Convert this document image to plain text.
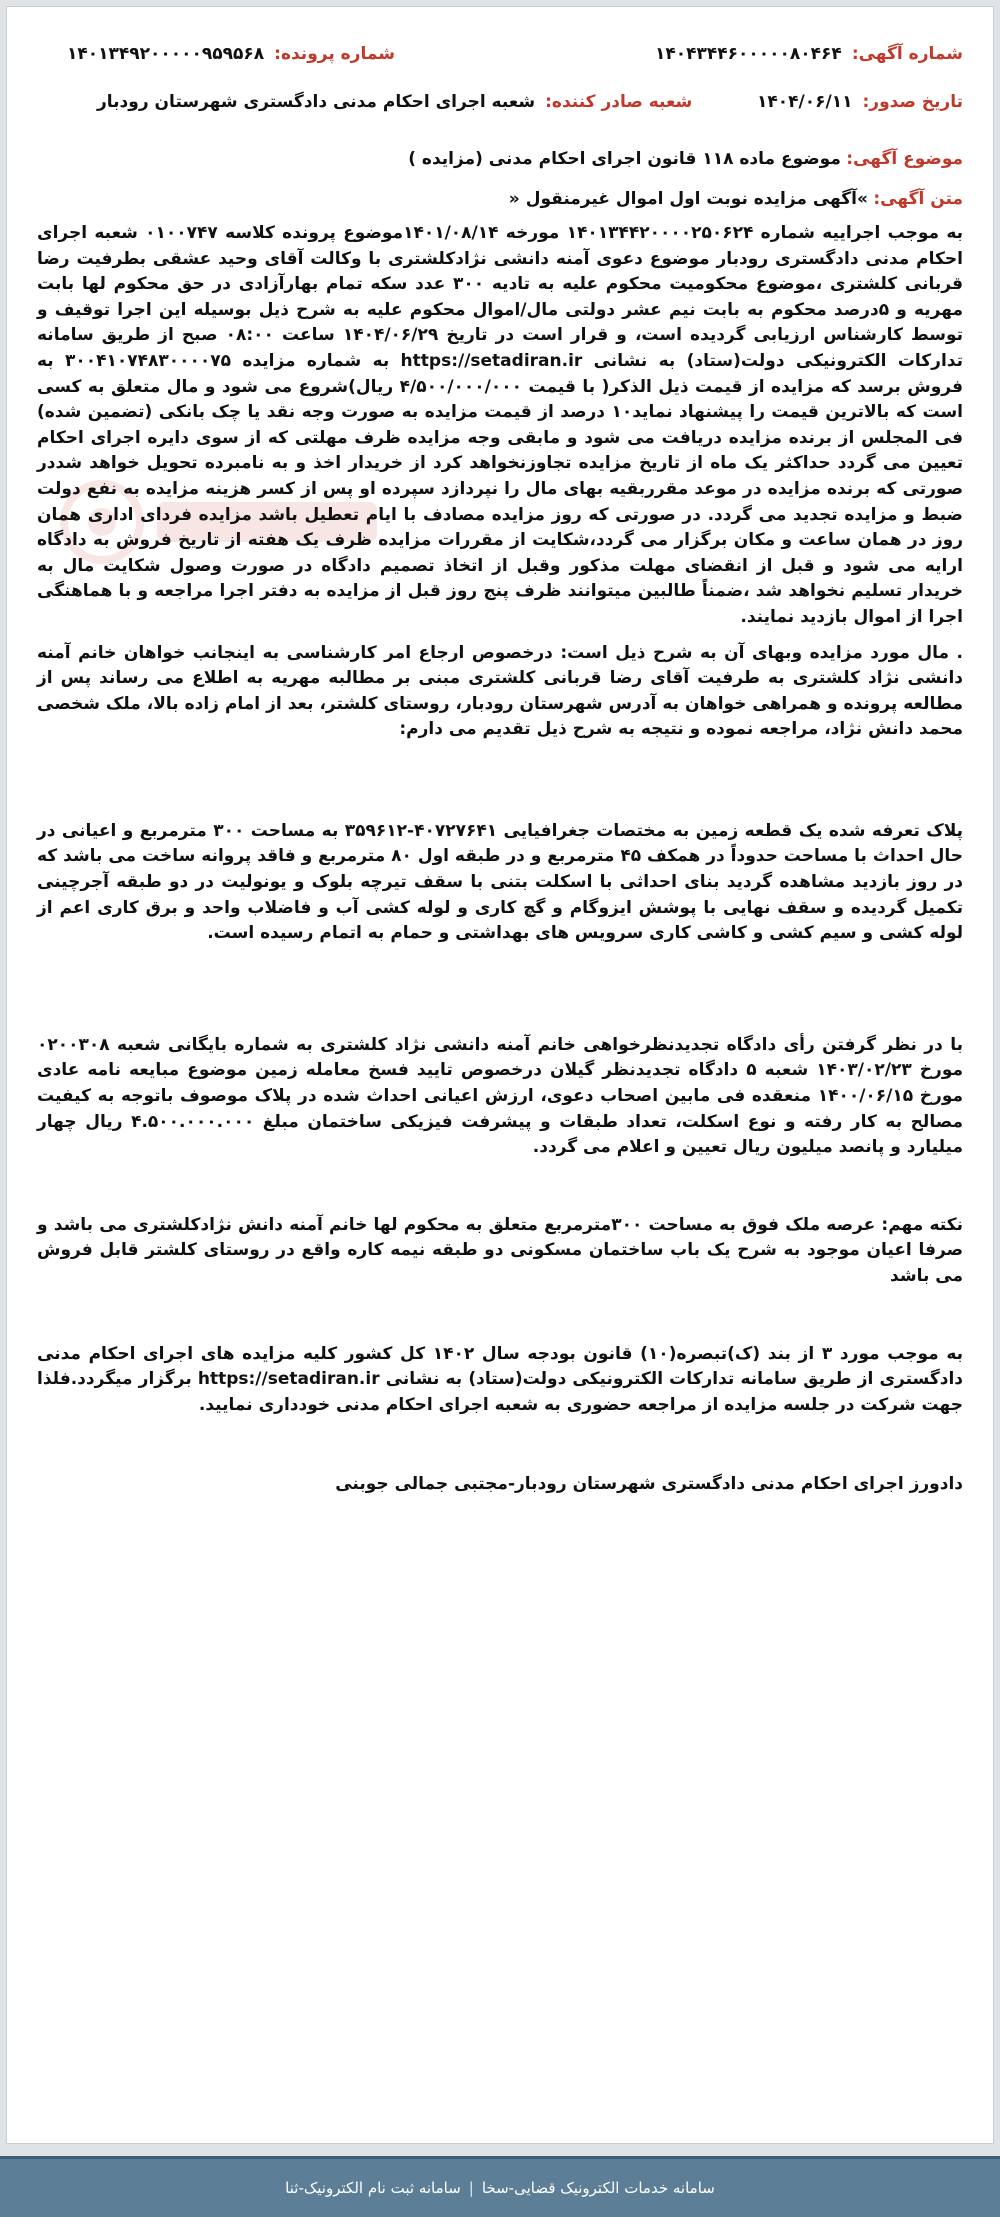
شماره آگهی:
۱۴۰۴۳۴۴۶۰۰۰۰۰۸۰۴۶۴
شماره پرونده:
۱۴۰۱۳۴۹۲۰۰۰۰۰۹۵۹۵۶۸
تاریخ صدور:
۱۴۰۴/۰۶/۱۱
شعبه صادر کننده:
شعبه اجرای احکام مدنی دادگستری شهرستان رودبار
موضوع آگهی: موضوع ماده ۱۱۸ قانون اجرای احکام مدنی (مزایده )
متن آگهی: »آگهی مزایده نوبت اول اموال غیرمنقول «

به موجب اجراییه شماره ۱۴۰۱۳۴۴۲۰۰۰۰۲۵۰۶۲۴ مورخه ۱۴۰۱/۰۸/۱۴موضوع پرونده کلاسه ۰۱۰۰۷۴۷ شعبه اجرای احکام مدنی دادگستری رودبار موضوع دعوی آمنه دانشی نژادکلشتری با وکالت آقای وحید عشقی بطرفیت رضا قربانی کلشتری ،موضوع محکومیت محکوم علیه به تادیه ۳۰۰ عدد سکه تمام بهارآزادی در حق محکوم لها بابت مهریه و ۵درصد محکوم به بابت نیم عشر دولتی مال/اموال محکوم علیه به شرح ذیل بوسیله این اجرا توقیف و توسط کارشناس ارزیابی گردیده است، و قرار است در تاریخ ۱۴۰۴/۰۶/۲۹ ساعت ۰۸:۰۰ صبح از طریق سامانه تدارکات الکترونیکی دولت(ستاد) به نشانی https://setadiran.ir به شماره مزایده ۳۰۰۴۱۰۷۴۸۳۰۰۰۰۷۵ به فروش برسد که مزایده از قیمت ذیل الذکر( با قیمت ۴/۵۰۰/۰۰۰/۰۰۰ ریال)شروع می شود و مال متعلق به کسی است که بالاترین قیمت را پیشنهاد نماید۱۰ درصد از قیمت مزایده به صورت وجه نقد یا چک بانکی (تضمین شده) فی المجلس از برنده مزایده دریافت می شود و مابقی وجه مزایده ظرف مهلتی که از سوی دایره اجرای احکام تعیین می گردد حداکثر یک ماه از تاریخ مزایده تجاوزنخواهد کرد از خریدار اخذ و به نامبرده تحویل خواهد شددر صورتی که برنده مزایده در موعد مقرربقیه بهای مال را نپردازد سپرده او پس از کسر هزینه مزایده به نفع دولت ضبط و مزایده تجدید می گردد. در صورتی که روز مزایده مصادف با ایام تعطیل باشد مزایده فردای اداری همان روز در همان ساعت و مکان برگزار می گردد،شکایت از مقررات مزایده ظرف یک هفته از تاریخ فروش به دادگاه ارایه می شود و قبل از انقضای مهلت مذکور وقبل از اتخاذ تصمیم دادگاه در صورت وصول شکایت مال به خریدار تسلیم نخواهد شد ،ضمناً طالبین میتوانند ظرف پنج روز قبل از مزایده به دفتر اجرا مراجعه و با هماهنگی اجرا از اموال بازدید نمایند.

. مال مورد مزایده وبهای آن به شرح ذیل است: درخصوص ارجاع امر کارشناسی به اینجانب خواهان خانم آمنه دانشی نژاد کلشتری به طرفیت آقای رضا قربانی کلشتری مبنی بر مطالبه مهریه به اطلاع می رساند پس از مطالعه پرونده و همراهی خواهان به آدرس شهرستان رودبار، روستای کلشتر، بعد از امام زاده بالا، ملک شخصی محمد دانش نژاد، مراجعه نموده و نتیجه به شرح ذیل تقدیم می دارم:

پلاک تعرفه شده یک قطعه زمین به مختصات جغرافیایی ۴۰۷۲۷۶۴۱-۳۵۹۶۱۲ به مساحت ۳۰۰ مترمربع و اعیانی در حال احداث با مساحت حدوداً در همکف ۴۵ مترمربع و در طبقه اول ۸۰ مترمربع و فاقد پروانه ساخت می باشد که در روز بازدید مشاهده گردید بنای احداثی با اسکلت بتنی با سقف تیرچه بلوک و یونولیت در دو طبقه آجرچینی تکمیل گردیده و سقف نهایی با پوشش ایزوگام و گچ کاری و لوله کشی آب و فاضلاب واحد و برق کاری اعم از لوله کشی و سیم کشی و کاشی کاری سرویس های بهداشتی و حمام به اتمام رسیده است.

با در نظر گرفتن رأی دادگاه تجدیدنظرخواهی خانم آمنه دانشی نژاد کلشتری به شماره بایگانی شعبه ۰۲۰۰۳۰۸ مورخ ۱۴۰۳/۰۲/۲۳ شعبه ۵ دادگاه تجدیدنظر گیلان درخصوص تایید فسخ معامله زمین موضوع مبایعه نامه عادی مورخ ۱۴۰۰/۰۶/۱۵ منعقده فی مابین اصحاب دعوی، ارزش اعیانی احداث شده در پلاک موصوف باتوجه به کیفیت مصالح به کار رفته و نوع اسکلت، تعداد طبقات و پیشرفت فیزیکی ساختمان مبلغ ۴.۵۰۰.۰۰۰.۰۰۰ ریال چهار میلیارد و پانصد میلیون ریال تعیین و اعلام می گردد.

نکته مهم: عرصه ملک فوق به مساحت ۳۰۰مترمربع متعلق به محکوم لها خانم آمنه دانش نژادکلشتری می باشد و صرفا اعیان موجود به شرح یک باب ساختمان مسکونی دو طبقه نیمه کاره واقع در روستای کلشتر قابل فروش می باشد

به موجب مورد ۳ از بند (ک)تبصره(۱۰) قانون بودجه سال ۱۴۰۲ کل کشور کلیه مزایده های اجرای احکام مدنی دادگستری از طریق سامانه تدارکات الکترونیکی دولت(ستاد) به نشانی https://setadiran.ir برگزار میگردد.فلذا جهت شرکت در جلسه مزایده از مراجعه حضوری به شعبه اجرای احکام مدنی خودداری نمایید.

دادورز اجرای احکام مدنی دادگستری شهرستان رودبار-مجتبی جمالی جوبنی
سامانه خدمات الکترونیک قضایی-سخا
|
سامانه ثبت نام الکترونیک-ثنا
